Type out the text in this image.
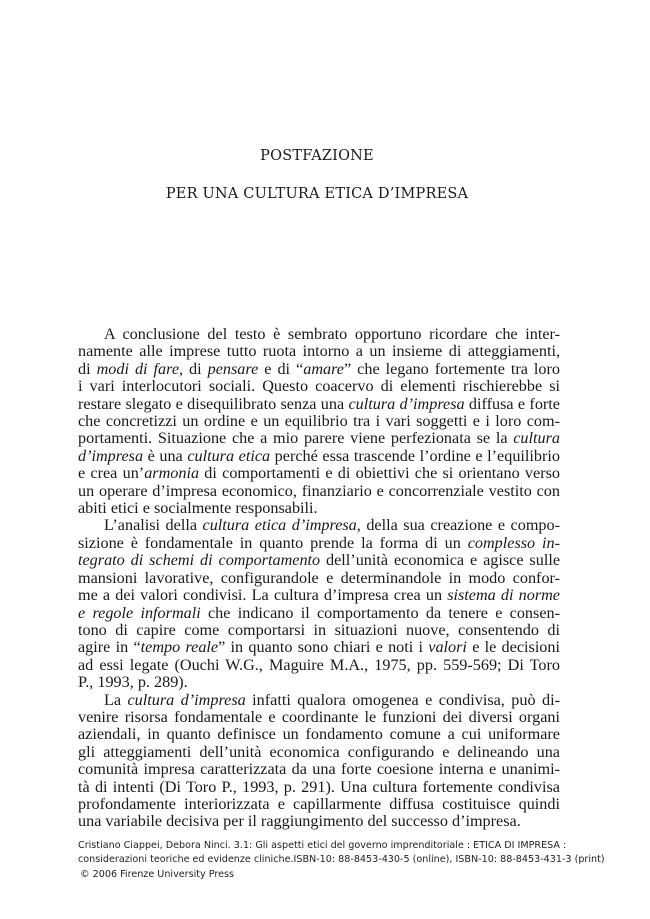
POSTFAZIONE
PER UNA CULTURA ETICA D’IMPRESA
A conclusione del testo è sembrato opportuno ricordare che inter-
namente alle imprese tutto ruota intorno a un insieme di atteggiamenti,
di modi di fare, di pensare e di “amare” che legano fortemente tra loro
i vari interlocutori sociali. Questo coacervo di elementi rischierebbe si
restare slegato e disequilibrato senza una cultura d’impresa diffusa e forte
che concretizzi un ordine e un equilibrio tra i vari soggetti e i loro com-
portamenti. Situazione che a mio parere viene perfezionata se la cultura
d’impresa è una cultura etica perché essa trascende l’ordine e l’equilibrio
e crea un’armonia di comportamenti e di obiettivi che si orientano verso
un operare d’impresa economico, finanziario e concorrenziale vestito con
abiti etici e socialmente responsabili.
L’analisi della cultura etica d’impresa, della sua creazione e compo-
sizione è fondamentale in quanto prende la forma di un complesso in-
tegrato di schemi di comportamento dell’unità economica e agisce sulle
mansioni lavorative, configurandole e determinandole in modo confor-
me a dei valori condivisi. La cultura d’impresa crea un sistema di norme
e regole informali che indicano il comportamento da tenere e consen-
tono di capire come comportarsi in situazioni nuove, consentendo di
agire in “tempo reale” in quanto sono chiari e noti i valori e le decisioni
ad essi legate (Ouchi W.G., Maguire M.A., 1975, pp. 559-569; Di Toro
P., 1993, p. 289).
La cultura d’impresa infatti qualora omogenea e condivisa, può di-
venire risorsa fondamentale e coordinante le funzioni dei diversi organi
aziendali, in quanto definisce un fondamento comune a cui uniformare
gli atteggiamenti dell’unità economica configurando e delineando una
comunità impresa caratterizzata da una forte coesione interna e unanimi-
tà di intenti (Di Toro P., 1993, p. 291). Una cultura fortemente condivisa
profondamente interiorizzata e capillarmente diffusa costituisce quindi
una variabile decisiva per il raggiungimento del successo d’impresa.
Cristiano Ciappei, Debora Ninci. 3.1: Gli aspetti etici del governo imprenditoriale : ETICA DI IMPRESA :
considerazioni teoriche ed evidenze cliniche.ISBN-10: 88-8453-430-5 (online), ISBN-10: 88-8453-431-3 (print)
© 2006 Firenze University Press
